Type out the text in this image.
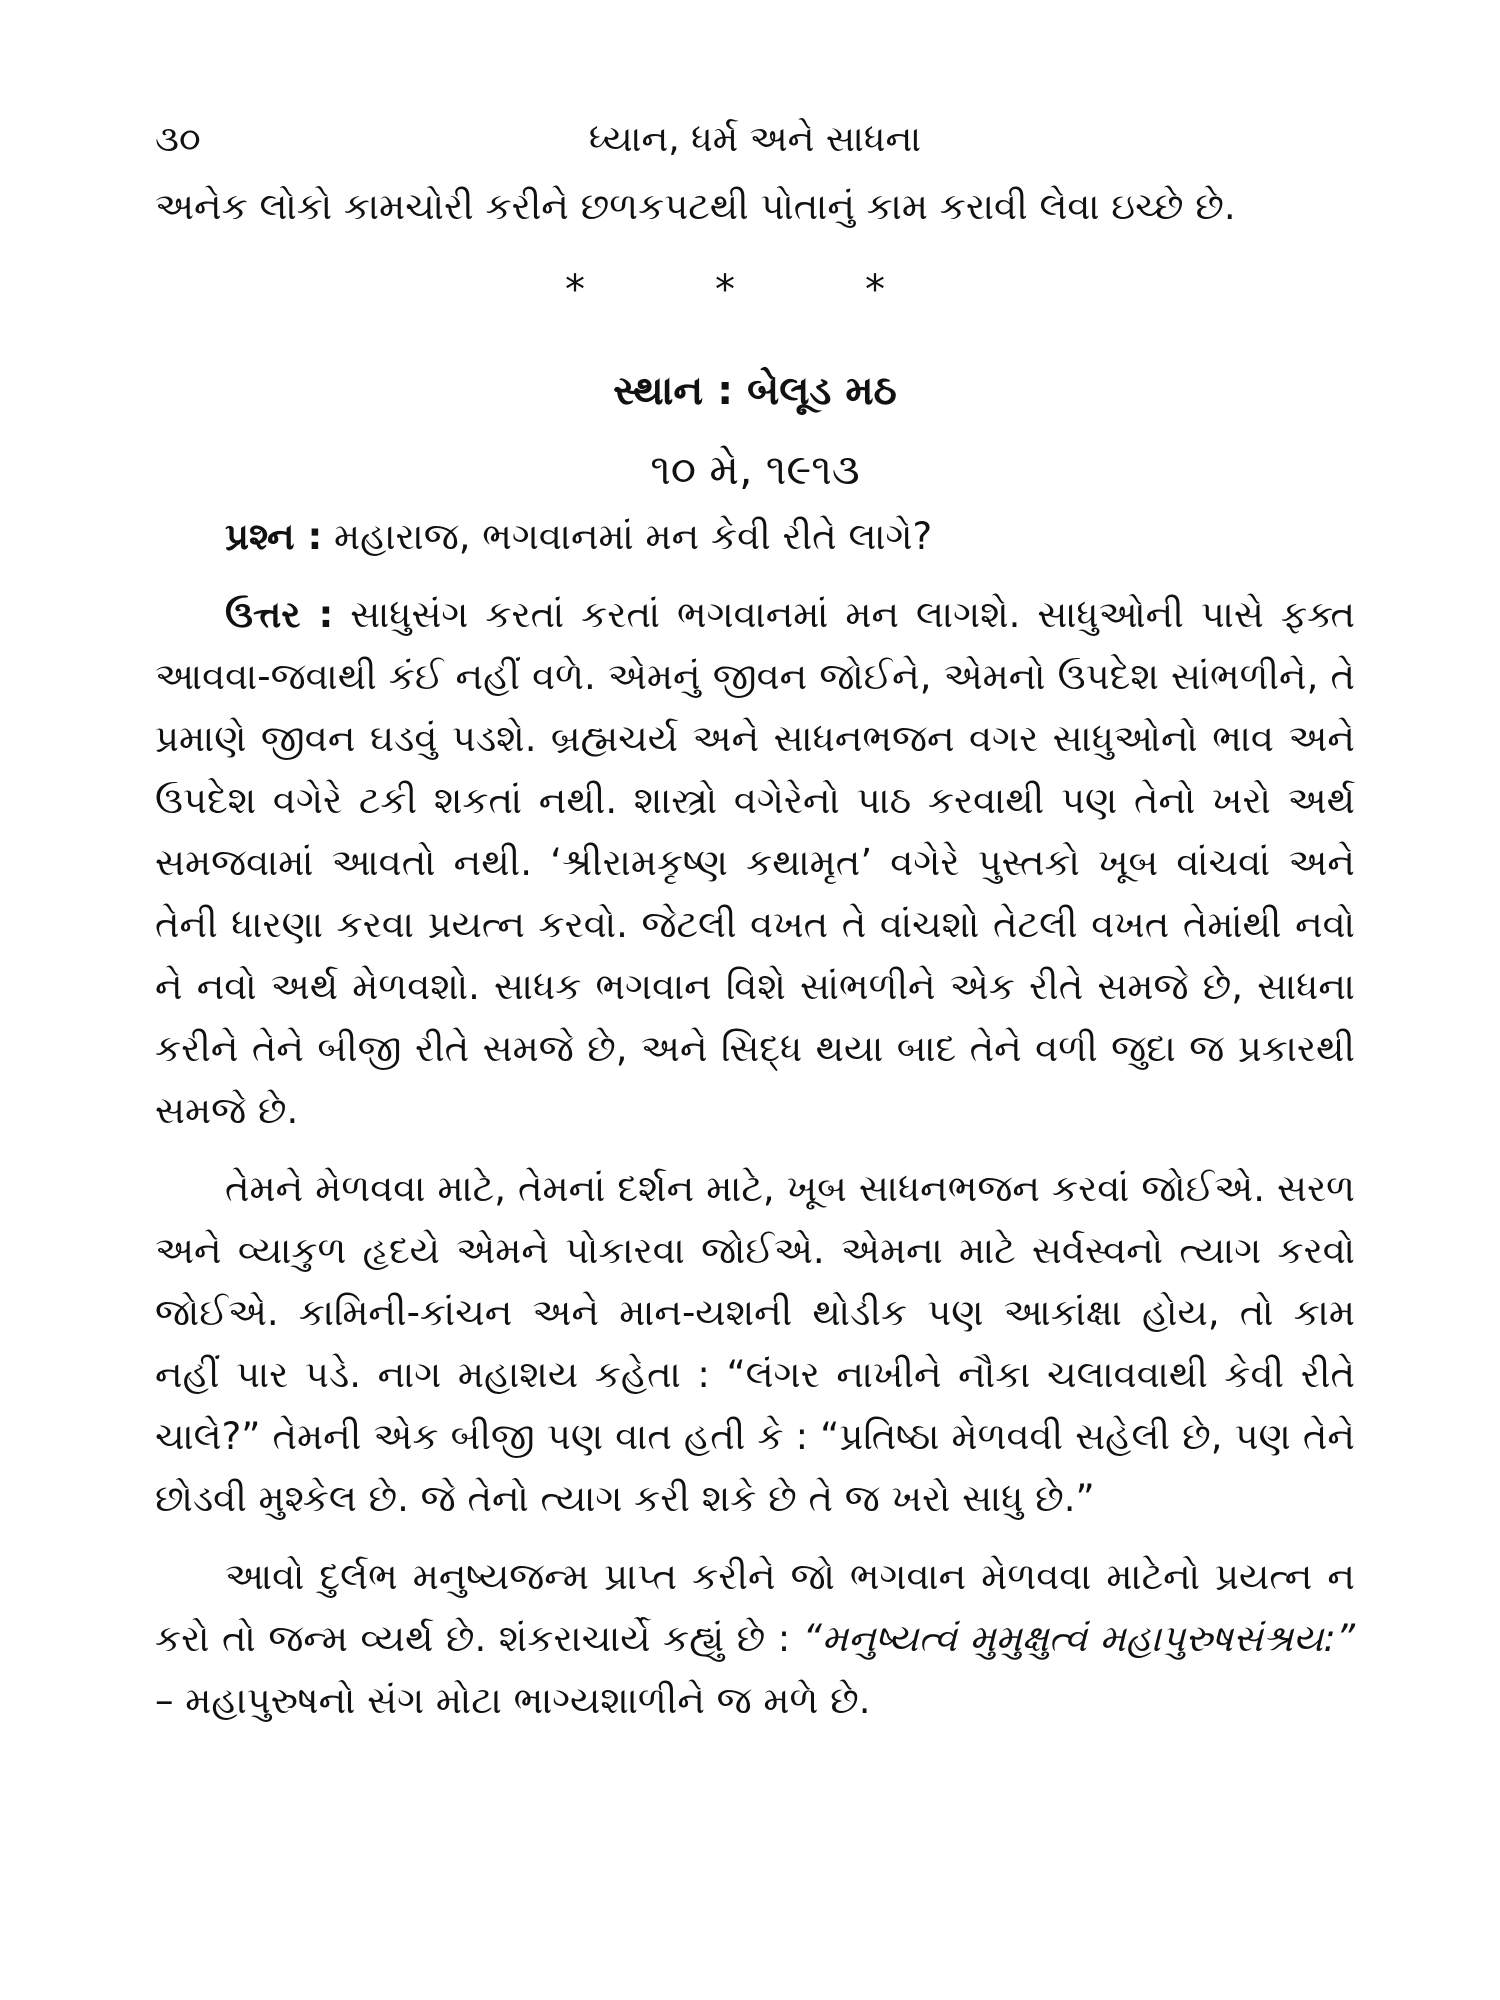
૩૦	ધ્યાન, ધર્મ અને સાધના

અનેક લોકો કામચોરી કરીને છળકપટથી પોતાનું કામ કરાવી લેવા ઇચ્છે છે.

*	*	*
સ્થાન : બેલૂડ મઠ
૧૦ મે, ૧૯૧૩

પ્રશ્ન : મહારાજ, ભગવાનમાં મન કેવી રીતે લાગે?

ઉત્તર : સાધુસંગ કરતાં કરતાં ભગવાનમાં મન લાગશે. સાધુઓની પાસે ફક્ત આવવા-જવાથી કંઈ નહીં વળે. એમનું જીવન જોઈને, એમનો ઉપદેશ સાંભળીને, તે પ્રમાણે જીવન ઘડવું પડશે. બ્રહ્મચર્ય અને સાધનભજન વગર સાધુઓનો ભાવ અને ઉપદેશ વગેરે ટકી શકતાં નથી. શાસ્ત્રો વગેરેનો પાઠ કરવાથી પણ તેનો ખરો અર્થ સમજવામાં આવતો નથી. ‘શ્રીરામકૃષ્ણ કથામૃત’ વગેરે પુસ્તકો ખૂબ વાંચવાં અને તેની ધારણા કરવા પ્રયત્ન કરવો. જેટલી વખત તે વાંચશો તેટલી વખત તેમાંથી નવો ને નવો અર્થ મેળવશો. સાધક ભગવાન વિશે સાંભળીને એક રીતે સમજે છે, સાધના કરીને તેને બીજી રીતે સમજે છે, અને સિદ્ધ થયા બાદ તેને વળી જુદા જ પ્રકારથી સમજે છે.

તેમને મેળવવા માટે, તેમનાં દર્શન માટે, ખૂબ સાધનભજન કરવાં જોઈએ. સરળ અને વ્યાકુળ હૃદયે એમને પોકારવા જોઈએ. એમના માટે સર્વસ્વનો ત્યાગ કરવો જોઈએ. કામિની-કાંચન અને માન-યશની થોડીક પણ આકાંક્ષા હોય, તો કામ નહીં પાર પડે. નાગ મહાશય કહેતા : “લંગર નાખીને નૌકા ચલાવવાથી કેવી રીતે ચાલે?” તેમની એક બીજી પણ વાત હતી કે : “પ્રતિષ્ઠા મેળવવી સહેલી છે, પણ તેને છોડવી મુશ્કેલ છે. જે તેનો ત્યાગ કરી શકે છે તે જ ખરો સાધુ છે.”

આવો દુર્લભ મનુષ્યજન્મ પ્રાપ્ત કરીને જો ભગવાન મેળવવા માટેનો પ્રયત્ન ન કરો તો જન્મ વ્યર્થ છે. શંકરાચાર્યે કહ્યું છે : “મનુષ્યત્વં મુમુક્ષુત્વં મહાપુરુષસંશ્રય:” – મહાપુરુષનો સંગ મોટા ભાગ્યશાળીને જ મળે છે.
